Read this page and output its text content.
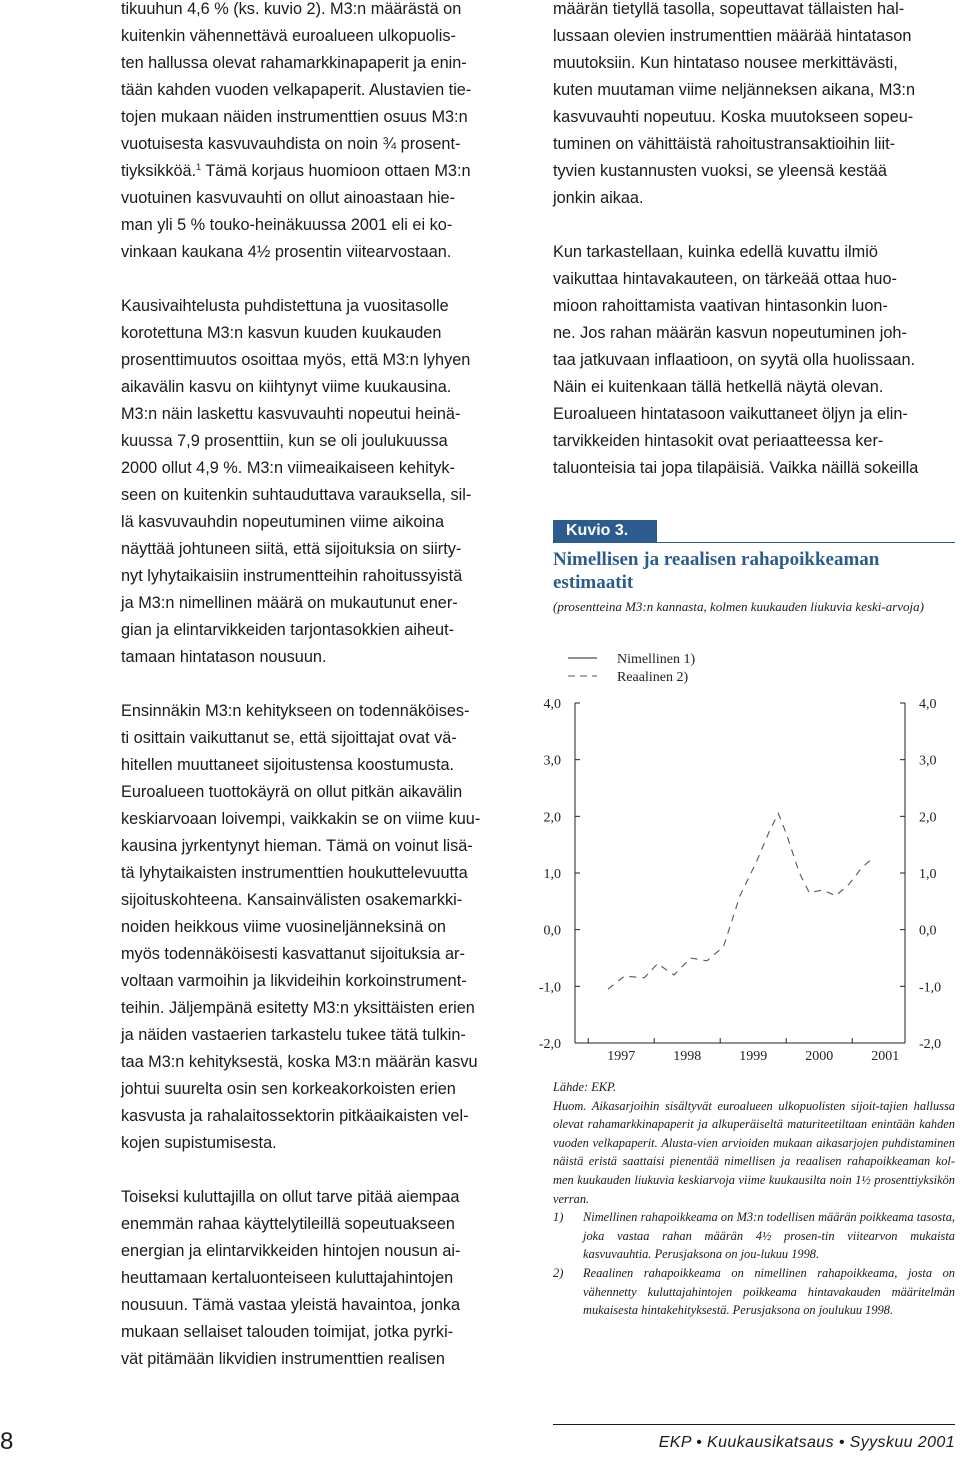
tikuuhun 4,6 % (ks. kuvio 2). M3:n määrästä on
kuitenkin vähennettävä euroalueen ulkopuolis-
ten hallussa olevat rahamarkkinapaperit ja enin-
tään kahden vuoden velkapaperit. Alustavien tie-
tojen mukaan näiden instrumenttien osuus M3:n
vuotuisesta kasvuvauhdista on noin ¾ prosent-
tiyksikköä.$^1$ Tämä korjaus huomioon ottaen M3:n
vuotuinen kasvuvauhti on ollut ainoastaan hie-
man yli 5 % touko-heinäkuussa 2001 eli ei ko-
vinkaan kaukana 4½ prosentin viitearvostaan.

Kausivaihtelusta puhdistettuna ja vuositasolle
korotettuna M3:n kasvun kuuden kuukauden
prosenttimuutos osoittaa myös, että M3:n lyhyen
aikavälin kasvu on kiihtynyt viime kuukausina.
M3:n näin laskettu kasvuvauhti nopeutui heinä-
kuussa 7,9 prosenttiin, kun se oli joulukuussa
2000 ollut 4,9 %. M3:n viimeaikaiseen kehityk-
seen on kuitenkin suhtauduttava varauksella, sil-
lä kasvuvauhdin nopeutuminen viime aikoina
näyttää johtuneen siitä, että sijoituksia on siirty-
nyt lyhytaikaisiin instrumentteihin rahoitussyistä
ja M3:n nimellinen määrä on mukautunut ener-
gian ja elintarvikkeiden tarjontasokkien aiheut-
tamaan hintatason nousuun.

Ensinnäkin M3:n kehitykseen on todennäköises-
ti osittain vaikuttanut se, että sijoittajat ovat vä-
hitellen muuttaneet sijoitustensa koostumusta.
Euroalueen tuottokäyrä on ollut pitkän aikavälin
keskiarvoaan loivempi, vaikkakin se on viime kuu-
kausina jyrkentynyt hieman. Tämä on voinut lisä-
tä lyhytaikaisten instrumenttien houkuttelevuutta
sijoituskohteena. Kansainvälisten osakemarkki-
noiden heikkous viime vuosineljänneksinä on
myös todennäköisesti kasvattanut sijoituksia ar-
voltaan varmoihin ja likvideihin korkoinstrument-
teihin. Jäljempänä esitetty M3:n yksittäisten erien
ja näiden vastaerien tarkastelu tukee tätä tulkin-
taa M3:n kehityksestä, koska M3:n määrän kasvu
johtui suurelta osin sen korkeakorkoisten erien
kasvusta ja rahalaitossektorin pitkäaikaisten vel-
kojen supistumisesta.

Toiseksi kuluttajilla on ollut tarve pitää aiempaa
enemmän rahaa käyttelytileillä sopeutuakseen
energian ja elintarvikkeiden hintojen nousun ai-
heuttamaan kertaluonteiseen kuluttajahintojen
nousuun. Tämä vastaa yleistä havaintoa, jonka
mukaan sellaiset talouden toimijat, jotka pyrki-
vät pitämään likvidien instrumenttien realisen

määrän tietyllä tasolla, sopeuttavat tällaisten hal-
lussaan olevien instrumenttien määrää hintatason
muutoksiin. Kun hintataso nousee merkittävästi,
kuten muutaman viime neljänneksen aikana, M3:n
kasvuvauhti nopeutuu. Koska muutokseen sopeu-
tuminen on vähittäistä rahoitustransaktioihin liit-
tyvien kustannusten vuoksi, se yleensä kestää
jonkin aikaa.

Kun tarkastellaan, kuinka edellä kuvattu ilmiö
vaikuttaa hintavakauteen, on tärkeää ottaa huo-
mioon rahoittamista vaativan hintasonkin luon-
ne. Jos rahan määrän kasvun nopeutuminen joh-
taa jatkuvaan inflaatioon, on syytä olla huolissaan.
Näin ei kuitenkaan tällä hetkellä näytä olevan.
Euroalueen hintatasoon vaikuttaneet öljyn ja elin-
tarvikkeiden hintasokit ovat periaatteessa ker-
taluonteisia tai jopa tilapäisiä. Vaikka näillä sokeilla

Kuvio 3.
Nimellisen ja reaalisen rahapoikkeaman estimaatit
(prosentteina M3:n kannasta, kolmen kuukauden liukuvia keski-arvoja)
-2,0	-2,0
-1,0	-1,0
0,0	0,0
1,0	1,0
2,0	2,0
3,0	3,0
4,0	4,0
1997	1998	1999	2000	2001
Nimellinen 1)
Reaalinen 2)

Lähde: EKP.

Huom. Aikasarjoihin sisältyvät euroalueen ulkopuolisten sijoit-tajien hallussa olevat rahamarkkinapaperit ja alkuperäiseltä maturiteetiltaan enintään kahden vuoden velkapaperit. Alusta-vien arvioiden mukaan aikasarjojen puhdistaminen näistä eristä saattaisi pienentää nimellisen ja reaalisen rahapoikkeaman kol-men kuukauden liukuvia keskiarvoja viime kuukausilta noin 1½ prosenttiyksikön verran.

1)	Nimellinen rahapoikkeama on M3:n todellisen määrän poikkeama tasosta, joka vastaa rahan määrän 4½ prosen-tin viitearvon mukaista kasvuvauhtia. Perusjaksona on jou-lukuu 1998.
2)	Reaalinen rahapoikkeama on nimellinen rahapoikkeama, josta on vähennetty kuluttajahintojen poikkeama hintavakauden määritelmän mukaisesta hintakehityksestä. Perusjaksona on joulukuu 1998.
8	EKP • Kuukausikatsaus • Syyskuu 2001
